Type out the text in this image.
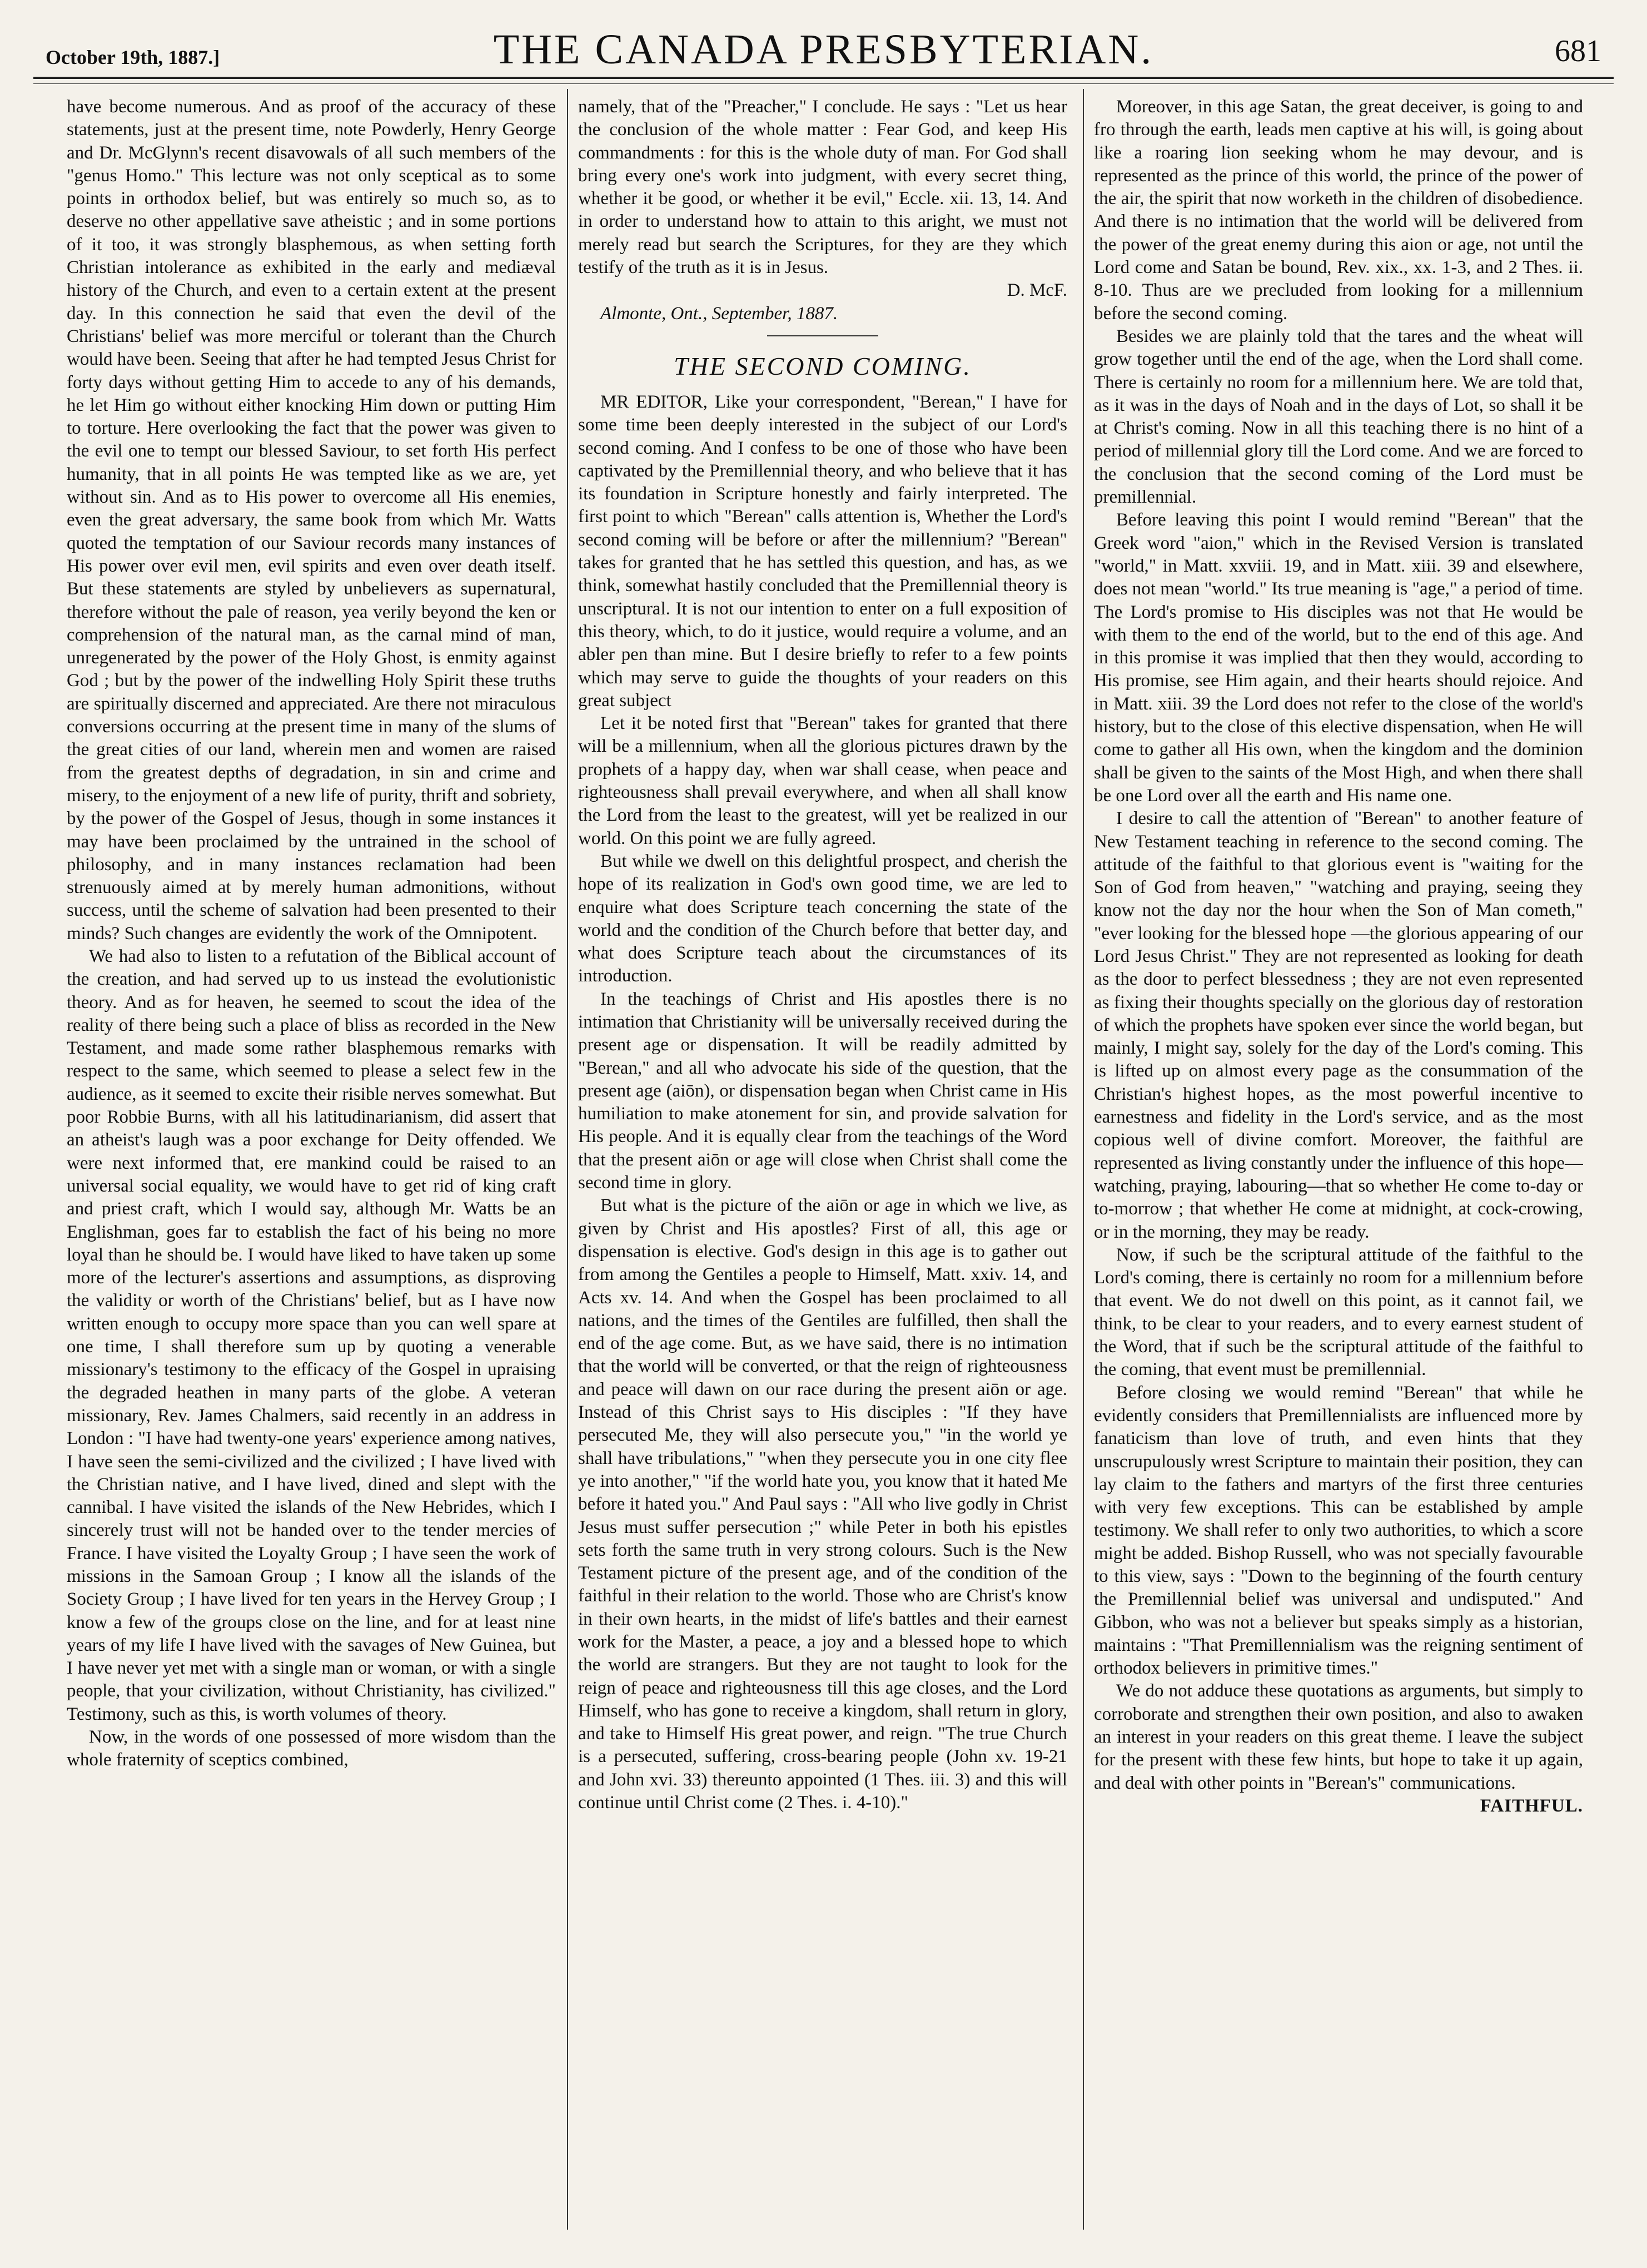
October 19th, 1887.]	THE CANADA PRESBYTERIAN.	681

have become numerous. And as proof of the accuracy of these statements, just at the present time, note Powderly, Henry George and Dr. McGlynn's recent disavowals of all such members of the "genus Homo." This lecture was not only sceptical as to some points in orthodox belief, but was entirely so much so, as to deserve no other appellative save atheistic ; and in some portions of it too, it was strongly blasphemous, as when setting forth Christian intolerance as exhibited in the early and mediæval history of the Church, and even to a certain extent at the present day. In this connection he said that even the devil of the Christians' belief was more merciful or tolerant than the Church would have been. Seeing that after he had tempted Jesus Christ for forty days without getting Him to accede to any of his demands, he let Him go without either knocking Him down or putting Him to torture. Here overlooking the fact that the power was given to the evil one to tempt our blessed Saviour, to set forth His perfect humanity, that in all points He was tempted like as we are, yet without sin. And as to His power to overcome all His enemies, even the great adversary, the same book from which Mr. Watts quoted the temptation of our Saviour records many instances of His power over evil men, evil spirits and even over death itself. But these statements are styled by unbelievers as supernatural, therefore without the pale of reason, yea verily beyond the ken or comprehension of the natural man, as the carnal mind of man, unregenerated by the power of the Holy Ghost, is enmity against God ; but by the power of the indwelling Holy Spirit these truths are spiritually discerned and appreciated. Are there not miraculous conversions occurring at the present time in many of the slums of the great cities of our land, wherein men and women are raised from the greatest depths of degradation, in sin and crime and misery, to the enjoyment of a new life of purity, thrift and sobriety, by the power of the Gospel of Jesus, though in some instances it may have been proclaimed by the untrained in the school of philosophy, and in many instances reclamation had been strenuously aimed at by merely human admonitions, without success, until the scheme of salvation had been presented to their minds? Such changes are evidently the work of the Omnipotent.

We had also to listen to a refutation of the Biblical account of the creation, and had served up to us instead the evolutionistic theory. And as for heaven, he seemed to scout the idea of the reality of there being such a place of bliss as recorded in the New Testament, and made some rather blasphemous remarks with respect to the same, which seemed to please a select few in the audience, as it seemed to excite their risible nerves somewhat. But poor Robbie Burns, with all his latitudinarianism, did assert that an atheist's laugh was a poor exchange for Deity offended. We were next informed that, ere mankind could be raised to an universal social equality, we would have to get rid of king craft and priest craft, which I would say, although Mr. Watts be an Englishman, goes far to establish the fact of his being no more loyal than he should be. I would have liked to have taken up some more of the lecturer's assertions and assumptions, as disproving the validity or worth of the Christians' belief, but as I have now written enough to occupy more space than you can well spare at one time, I shall therefore sum up by quoting a venerable missionary's testimony to the efficacy of the Gospel in upraising the degraded heathen in many parts of the globe. A veteran missionary, Rev. James Chalmers, said recently in an address in London : "I have had twenty-one years' experience among natives, I have seen the semi-civilized and the civilized ; I have lived with the Christian native, and I have lived, dined and slept with the cannibal. I have visited the islands of the New Hebrides, which I sincerely trust will not be handed over to the tender mercies of France. I have visited the Loyalty Group ; I have seen the work of missions in the Samoan Group ; I know all the islands of the Society Group ; I have lived for ten years in the Hervey Group ; I know a few of the groups close on the line, and for at least nine years of my life I have lived with the savages of New Guinea, but I have never yet met with a single man or woman, or with a single people, that your civilization, without Christianity, has civilized." Testimony, such as this, is worth volumes of theory.

Now, in the words of one possessed of more wisdom than the whole fraternity of sceptics combined,

namely, that of the "Preacher," I conclude. He says : "Let us hear the conclusion of the whole matter : Fear God, and keep His commandments : for this is the whole duty of man. For God shall bring every one's work into judgment, with every secret thing, whether it be good, or whether it be evil," Eccle. xii. 13, 14. And in order to understand how to attain to this aright, we must not merely read but search the Scriptures, for they are they which testify of the truth as it is in Jesus.

D. McF.

Almonte, Ont., September, 1887.

THE SECOND COMING.

MR EDITOR, Like your correspondent, "Berean," I have for some time been deeply interested in the subject of our Lord's second coming. And I confess to be one of those who have been captivated by the Premillennial theory, and who believe that it has its foundation in Scripture honestly and fairly interpreted. The first point to which "Berean" calls attention is, Whether the Lord's second coming will be before or after the millennium? "Berean" takes for granted that he has settled this question, and has, as we think, somewhat hastily concluded that the Premillennial theory is unscriptural. It is not our intention to enter on a full exposition of this theory, which, to do it justice, would require a volume, and an abler pen than mine. But I desire briefly to refer to a few points which may serve to guide the thoughts of your readers on this great subject

Let it be noted first that "Berean" takes for granted that there will be a millennium, when all the glorious pictures drawn by the prophets of a happy day, when war shall cease, when peace and righteousness shall prevail everywhere, and when all shall know the Lord from the least to the greatest, will yet be realized in our world. On this point we are fully agreed.

But while we dwell on this delightful prospect, and cherish the hope of its realization in God's own good time, we are led to enquire what does Scripture teach concerning the state of the world and the condition of the Church before that better day, and what does Scripture teach about the circumstances of its introduction.

In the teachings of Christ and His apostles there is no intimation that Christianity will be universally received during the present age or dispensation. It will be readily admitted by "Berean," and all who advocate his side of the question, that the present age (aiōn), or dispensation began when Christ came in His humiliation to make atonement for sin, and provide salvation for His people. And it is equally clear from the teachings of the Word that the present aiōn or age will close when Christ shall come the second time in glory.

But what is the picture of the aiōn or age in which we live, as given by Christ and His apostles? First of all, this age or dispensation is elective. God's design in this age is to gather out from among the Gentiles a people to Himself, Matt. xxiv. 14, and Acts xv. 14. And when the Gospel has been proclaimed to all nations, and the times of the Gentiles are fulfilled, then shall the end of the age come. But, as we have said, there is no intimation that the world will be converted, or that the reign of righteousness and peace will dawn on our race during the present aiōn or age. Instead of this Christ says to His disciples : "If they have persecuted Me, they will also persecute you," "in the world ye shall have tribulations," "when they persecute you in one city flee ye into another," "if the world hate you, you know that it hated Me before it hated you." And Paul says : "All who live godly in Christ Jesus must suffer persecution ;" while Peter in both his epistles sets forth the same truth in very strong colours. Such is the New Testament picture of the present age, and of the condition of the faithful in their relation to the world. Those who are Christ's know in their own hearts, in the midst of life's battles and their earnest work for the Master, a peace, a joy and a blessed hope to which the world are strangers. But they are not taught to look for the reign of peace and righteousness till this age closes, and the Lord Himself, who has gone to receive a kingdom, shall return in glory, and take to Himself His great power, and reign. "The true Church is a persecuted, suffering, cross-bearing people (John xv. 19-21 and John xvi. 33) thereunto appointed (1 Thes. iii. 3) and this will continue until Christ come (2 Thes. i. 4-10)."

Moreover, in this age Satan, the great deceiver, is going to and fro through the earth, leads men captive at his will, is going about like a roaring lion seeking whom he may devour, and is represented as the prince of this world, the prince of the power of the air, the spirit that now worketh in the children of disobedience. And there is no intimation that the world will be delivered from the power of the great enemy during this aion or age, not until the Lord come and Satan be bound, Rev. xix., xx. 1-3, and 2 Thes. ii. 8-10. Thus are we precluded from looking for a millennium before the second coming.

Besides we are plainly told that the tares and the wheat will grow together until the end of the age, when the Lord shall come. There is certainly no room for a millennium here. We are told that, as it was in the days of Noah and in the days of Lot, so shall it be at Christ's coming. Now in all this teaching there is no hint of a period of millennial glory till the Lord come. And we are forced to the conclusion that the second coming of the Lord must be premillennial.

Before leaving this point I would remind "Berean" that the Greek word "aion," which in the Revised Version is translated "world," in Matt. xxviii. 19, and in Matt. xiii. 39 and elsewhere, does not mean "world." Its true meaning is "age," a period of time. The Lord's promise to His disciples was not that He would be with them to the end of the world, but to the end of this age. And in this promise it was implied that then they would, according to His promise, see Him again, and their hearts should rejoice. And in Matt. xiii. 39 the Lord does not refer to the close of the world's history, but to the close of this elective dispensation, when He will come to gather all His own, when the kingdom and the dominion shall be given to the saints of the Most High, and when there shall be one Lord over all the earth and His name one.

I desire to call the attention of "Berean" to another feature of New Testament teaching in reference to the second coming. The attitude of the faithful to that glorious event is "waiting for the Son of God from heaven," "watching and praying, seeing they know not the day nor the hour when the Son of Man cometh," "ever looking for the blessed hope —the glorious appearing of our Lord Jesus Christ." They are not represented as looking for death as the door to perfect blessedness ; they are not even represented as fixing their thoughts specially on the glorious day of restoration of which the prophets have spoken ever since the world began, but mainly, I might say, solely for the day of the Lord's coming. This is lifted up on almost every page as the consummation of the Christian's highest hopes, as the most powerful incentive to earnestness and fidelity in the Lord's service, and as the most copious well of divine comfort. Moreover, the faithful are represented as living constantly under the influence of this hope— watching, praying, labouring—that so whether He come to-day or to-morrow ; that whether He come at midnight, at cock-crowing, or in the morning, they may be ready.

Now, if such be the scriptural attitude of the faithful to the Lord's coming, there is certainly no room for a millennium before that event. We do not dwell on this point, as it cannot fail, we think, to be clear to your readers, and to every earnest student of the Word, that if such be the scriptural attitude of the faithful to the coming, that event must be premillennial.

Before closing we would remind "Berean" that while he evidently considers that Premillennialists are influenced more by fanaticism than love of truth, and even hints that they unscrupulously wrest Scripture to maintain their position, they can lay claim to the fathers and martyrs of the first three centuries with very few exceptions. This can be established by ample testimony. We shall refer to only two authorities, to which a score might be added. Bishop Russell, who was not specially favourable to this view, says : "Down to the beginning of the fourth century the Premillennial belief was universal and undisputed." And Gibbon, who was not a believer but speaks simply as a historian, maintains : "That Premillennialism was the reigning sentiment of orthodox believers in primitive times."

We do not adduce these quotations as arguments, but simply to corroborate and strengthen their own position, and also to awaken an interest in your readers on this great theme. I leave the subject for the present with these few hints, but hope to take it up again, and deal with other points in "Berean's" communications.

FAITHFUL.
